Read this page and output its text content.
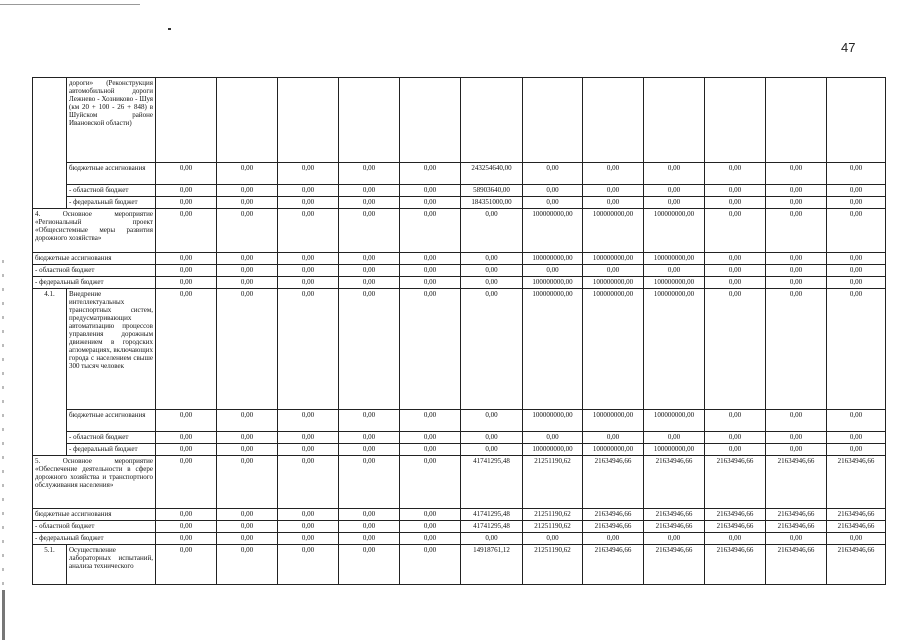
47
	дороги» (Реконструкция автомобильной дороги Лежнево - Хозниково - Шуя (км 20 + 100 - 26 + 848) в Шуйском районе Ивановской области)												
	бюджетные ассигнования	0,00	0,00	0,00	0,00	0,00	243254640,00	0,00	0,00	0,00	0,00	0,00	0,00
	- областной бюджет	0,00	0,00	0,00	0,00	0,00	58903640,00	0,00	0,00	0,00	0,00	0,00	0,00
	- федеральный бюджет	0,00	0,00	0,00	0,00	0,00	184351000,00	0,00	0,00	0,00	0,00	0,00	0,00
4. Основное мероприятие «Региональный проект «Общесистемные меры развития дорожного хозяйства»		0,00	0,00	0,00	0,00	0,00	0,00	100000000,00	100000000,00	100000000,00	0,00	0,00	0,00
бюджетные ассигнования		0,00	0,00	0,00	0,00	0,00	0,00	100000000,00	100000000,00	100000000,00	0,00	0,00	0,00
- областной бюджет		0,00	0,00	0,00	0,00	0,00	0,00	0,00	0,00	0,00	0,00	0,00	0,00
- федеральный бюджет		0,00	0,00	0,00	0,00	0,00	0,00	100000000,00	100000000,00	100000000,00	0,00	0,00	0,00
4.1.	Внедрение интеллектуальных транспортных систем, предусматривающих автоматизацию процессов управления дорожным движением в городских агломерациях, включающих города с населением свыше 300 тысяч человек	0,00	0,00	0,00	0,00	0,00	0,00	100000000,00	100000000,00	100000000,00	0,00	0,00	0,00
	бюджетные ассигнования	0,00	0,00	0,00	0,00	0,00	0,00	100000000,00	100000000,00	100000000,00	0,00	0,00	0,00
	- областной бюджет	0,00	0,00	0,00	0,00	0,00	0,00	0,00	0,00	0,00	0,00	0,00	0,00
	- федеральный бюджет	0,00	0,00	0,00	0,00	0,00	0,00	100000000,00	100000000,00	100000000,00	0,00	0,00	0,00
5. Основное мероприятие «Обеспечение деятельности в сфере дорожного хозяйства и транспортного обслуживания населения»		0,00	0,00	0,00	0,00	0,00	41741295,48	21251190,62	21634946,66	21634946,66	21634946,66	21634946,66	21634946,66
бюджетные ассигнования		0,00	0,00	0,00	0,00	0,00	41741295,48	21251190,62	21634946,66	21634946,66	21634946,66	21634946,66	21634946,66
- областной бюджет		0,00	0,00	0,00	0,00	0,00	41741295,48	21251190,62	21634946,66	21634946,66	21634946,66	21634946,66	21634946,66
- федеральный бюджет		0,00	0,00	0,00	0,00	0,00	0,00	0,00	0,00	0,00	0,00	0,00	0,00
5.1.	Осуществление лабораторных испытаний, анализа технического	0,00	0,00	0,00	0,00	0,00	14918761,12	21251190,62	21634946,66	21634946,66	21634946,66	21634946,66	21634946,66
